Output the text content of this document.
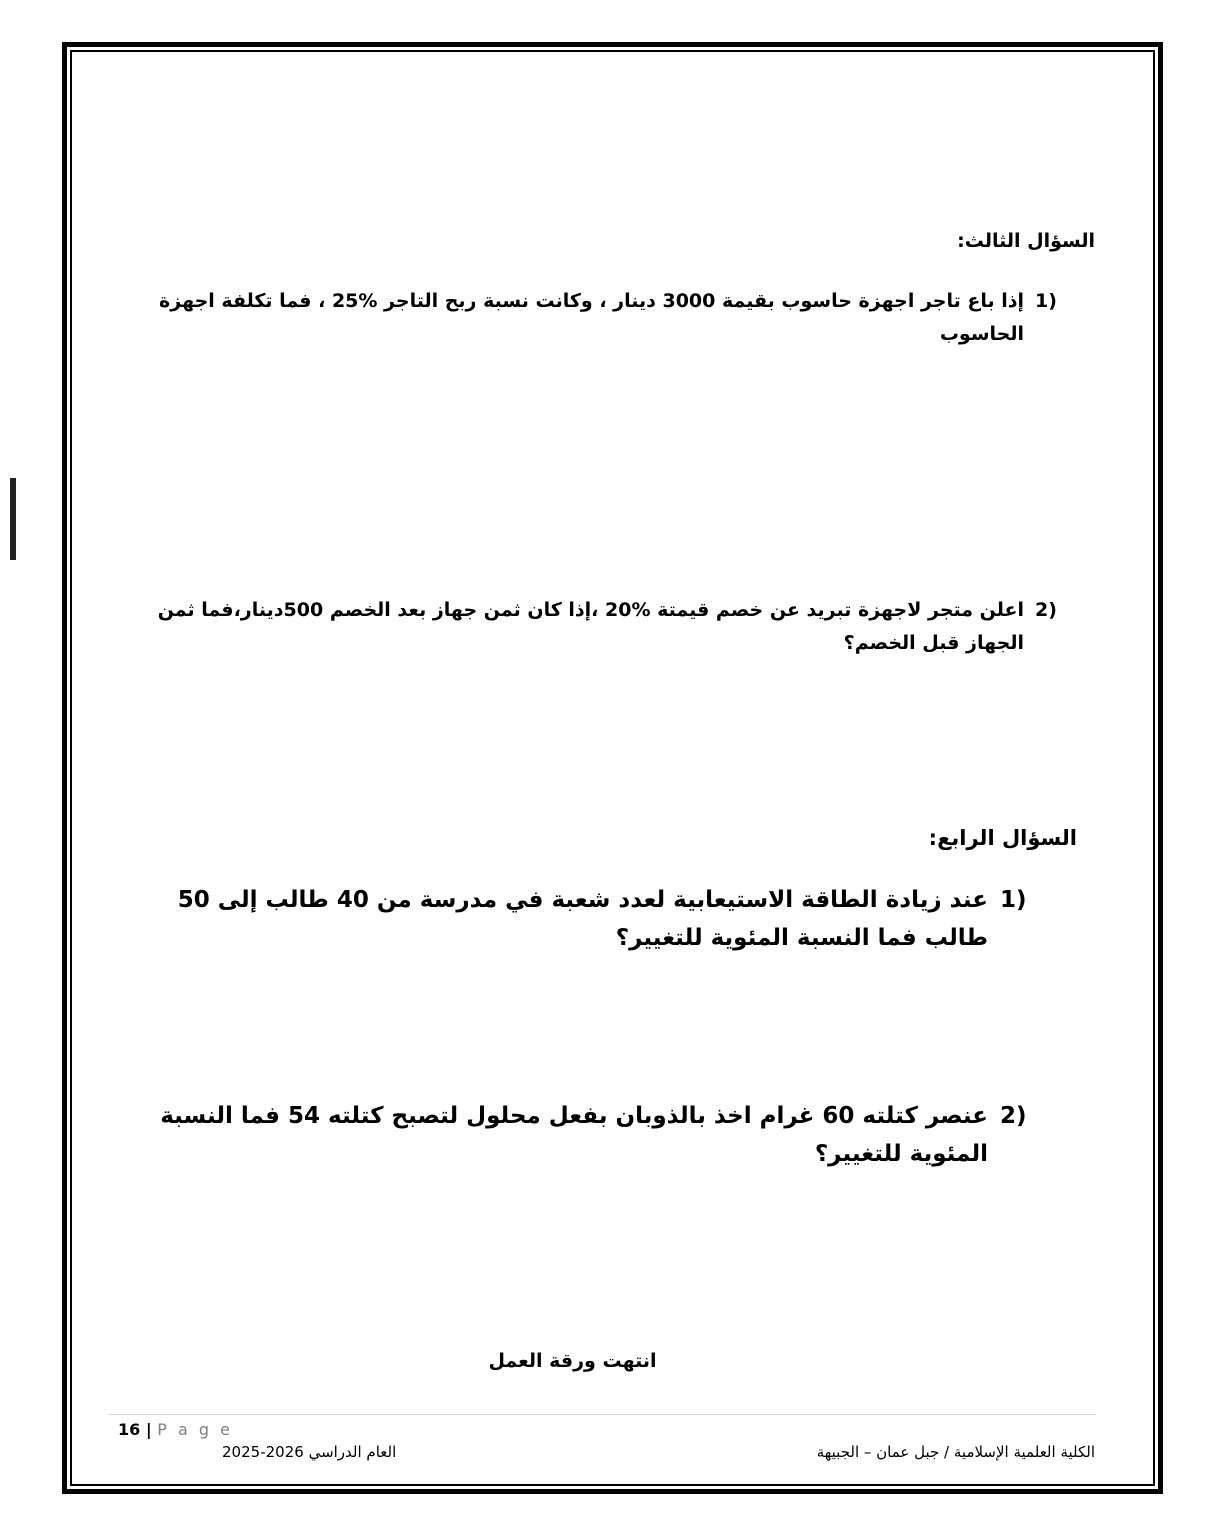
السؤال الثالث:
1)

إذا باع تاجر اجهزة حاسوب بقيمة 3000 دينار ، وكانت نسبة ربح التاجر %25 ، فما تكلفة اجهزة الحاسوب

2)

اعلن متجر لاجهزة تبريد عن خصم قيمتة %20 ،إذا كان ثمن جهاز بعد الخصم 500دينار،فما ثمن الجهاز قبل الخصم؟

السؤال الرابع:
1)

عند زيادة الطاقة الاستيعابية لعدد شعبة في مدرسة من 40 طالب إلى 50 طالب فما النسبة المئوية للتغيير؟

2)

عنصر كتلته 60 غرام اخذ بالذوبان بفعل محلول لتصبح كتلته 54 فما النسبة المئوية للتغيير؟

انتهت ورقة العمل
16 | P a g e
العام الدراسي 2026-2025	الكلية العلمية الإسلامية / جبل عمان – الجبيهة
